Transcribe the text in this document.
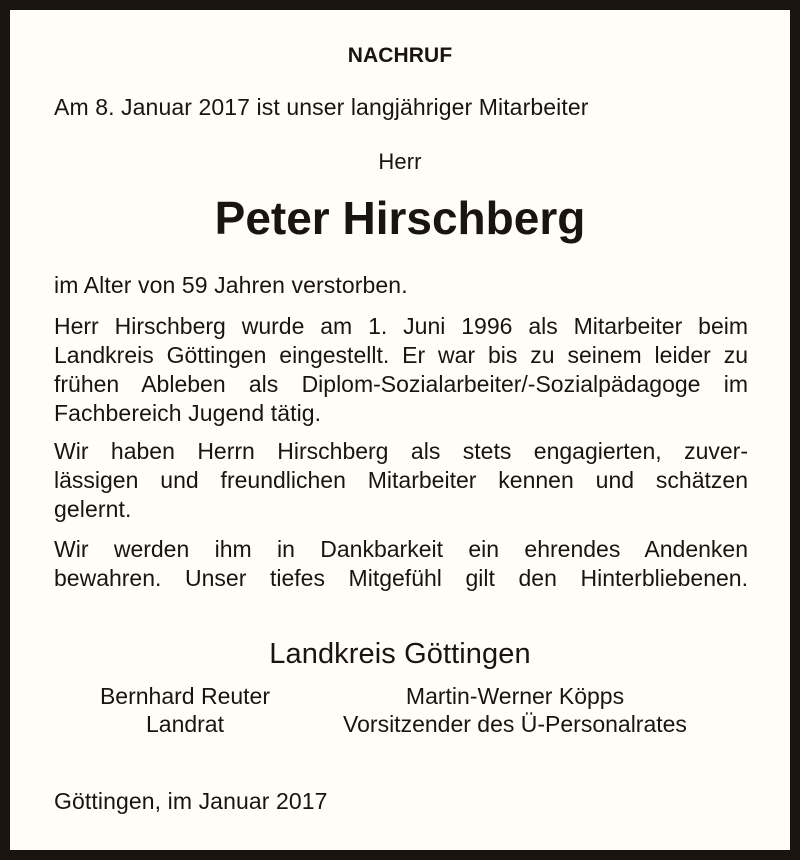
NACHRUF
Am 8. Januar 2017 ist unser langjähriger Mitarbeiter
Herr
Peter Hirschberg
im Alter von 59 Jahren verstorben.
Herr Hirschberg wurde am 1. Juni 1996 als Mitarbeiter beim
Landkreis Göttingen eingestellt. Er war bis zu seinem leider zu
frühen Ableben als Diplom-Sozialarbeiter/-Sozialpädagoge im
Fachbereich Jugend tätig.
Wir haben Herrn Hirschberg als stets engagierten, zuver-
lässigen und freundlichen Mitarbeiter kennen und schätzen
gelernt.
Wir werden ihm in Dankbarkeit ein ehrendes Andenken
bewahren. Unser tiefes Mitgefühl gilt den Hinterbliebenen.
Landkreis Göttingen
Bernhard Reuter
Landrat
Martin-Werner Köpps
Vorsitzender des Ü-Personalrates
Göttingen, im Januar 2017
